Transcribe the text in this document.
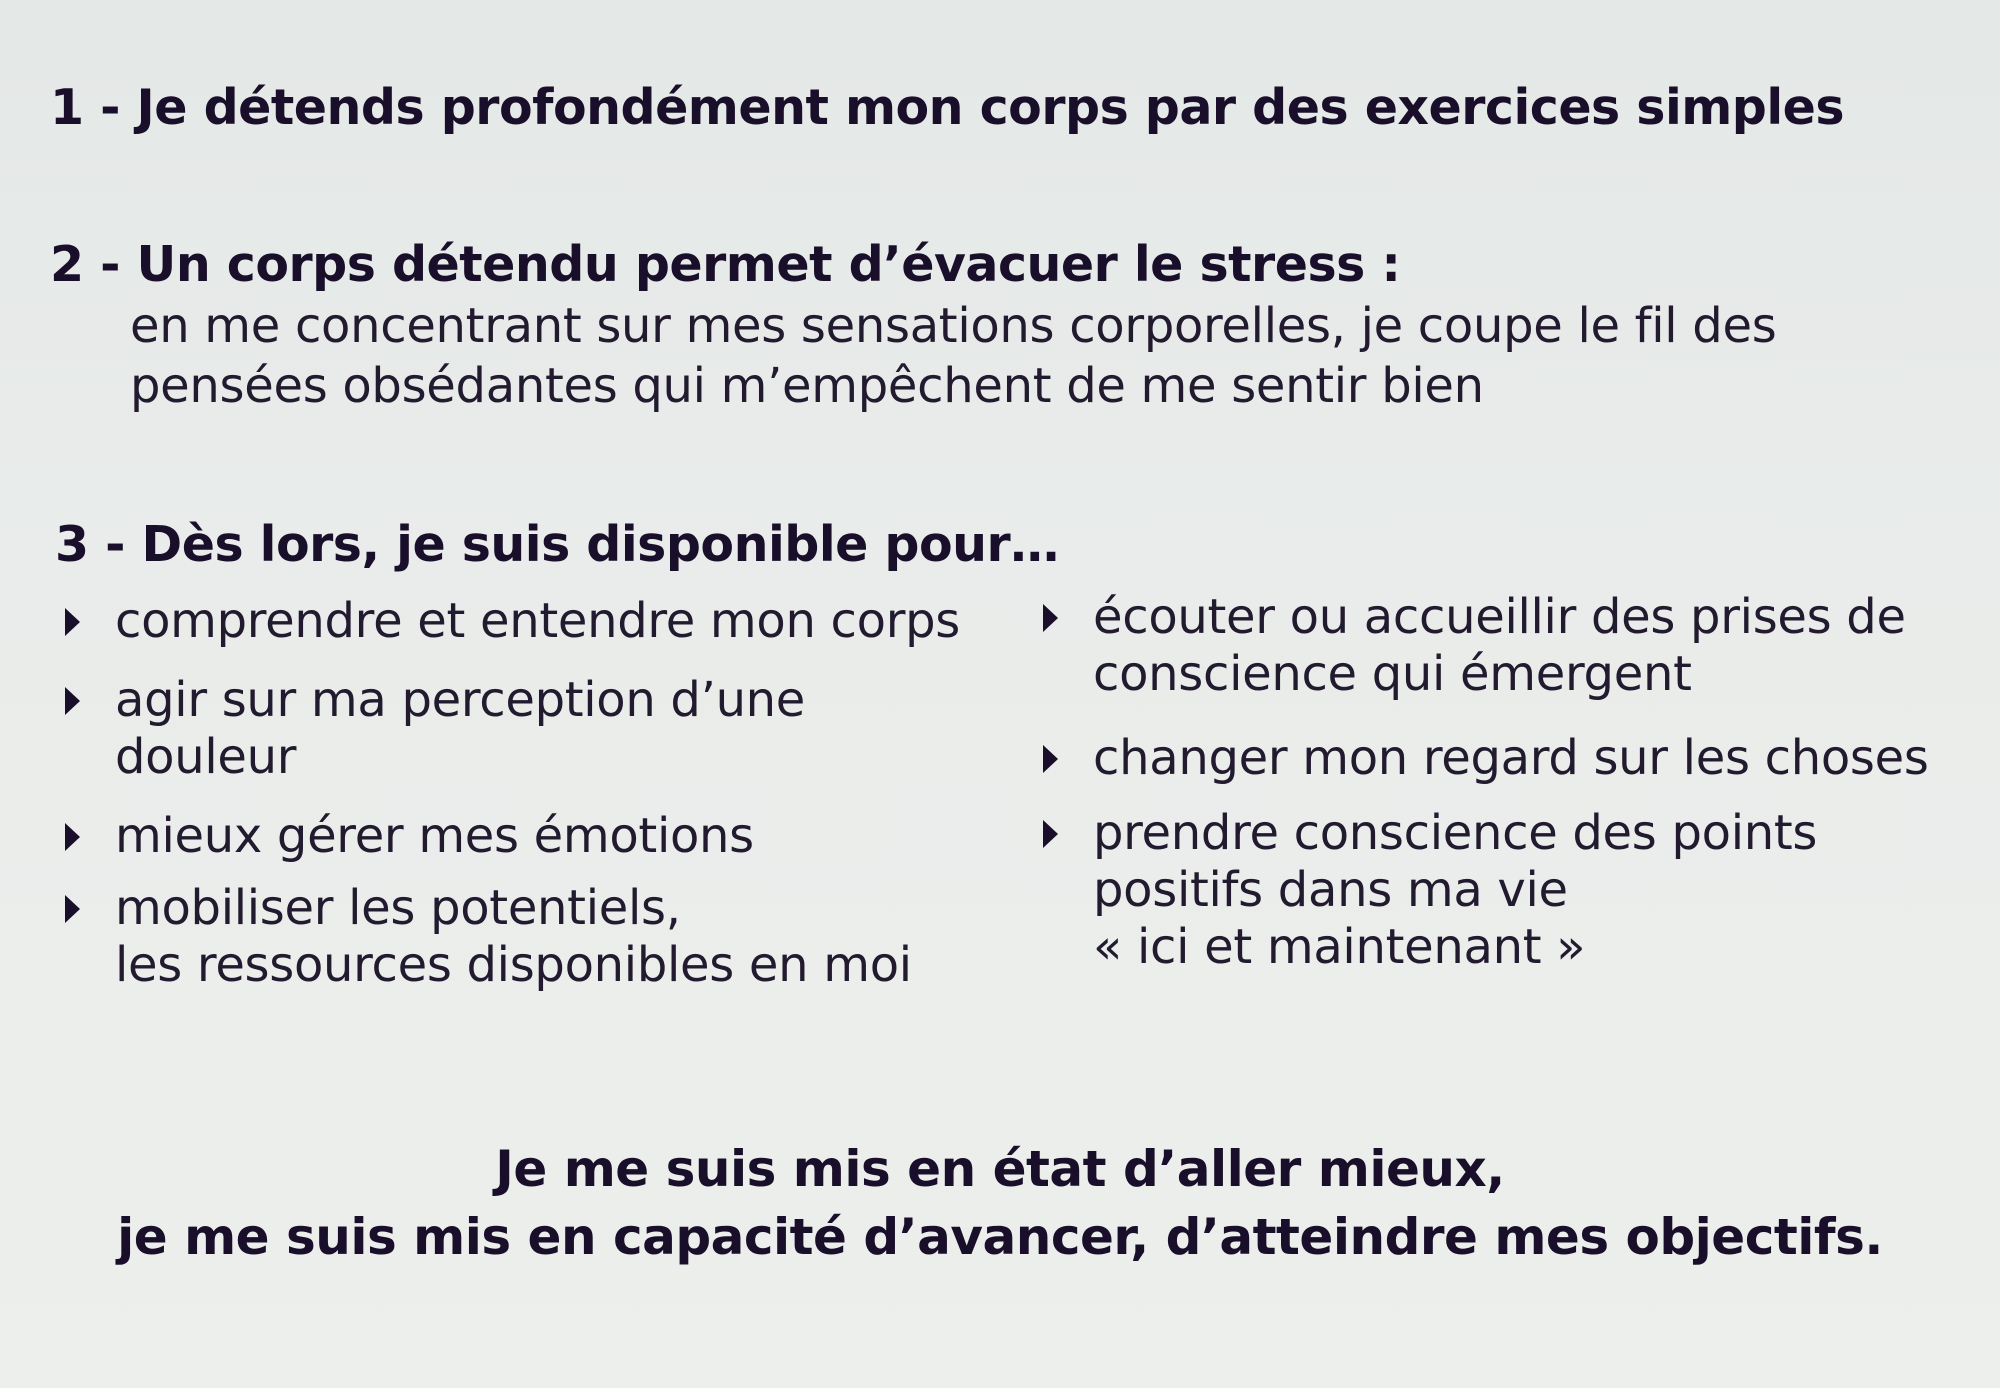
1 - Je détends profondément mon corps par des exercices simples
2 - Un corps détendu permet d’évacuer le stress :
en me concentrant sur mes sensations corporelles, je coupe le fil des
pensées obsédantes qui m’empêchent de me sentir bien
3 - Dès lors, je suis disponible pour…
comprendre et entendre mon corps
agir sur ma perception d’une
douleur
mieux gérer mes émotions
mobiliser les potentiels,
les ressources disponibles en moi
écouter ou accueillir des prises de
conscience qui émergent
changer mon regard sur les choses
prendre conscience des points
positifs dans ma vie
« ici et maintenant »
Je me suis mis en état d’aller mieux,
je me suis mis en capacité d’avancer, d’atteindre mes objectifs.
